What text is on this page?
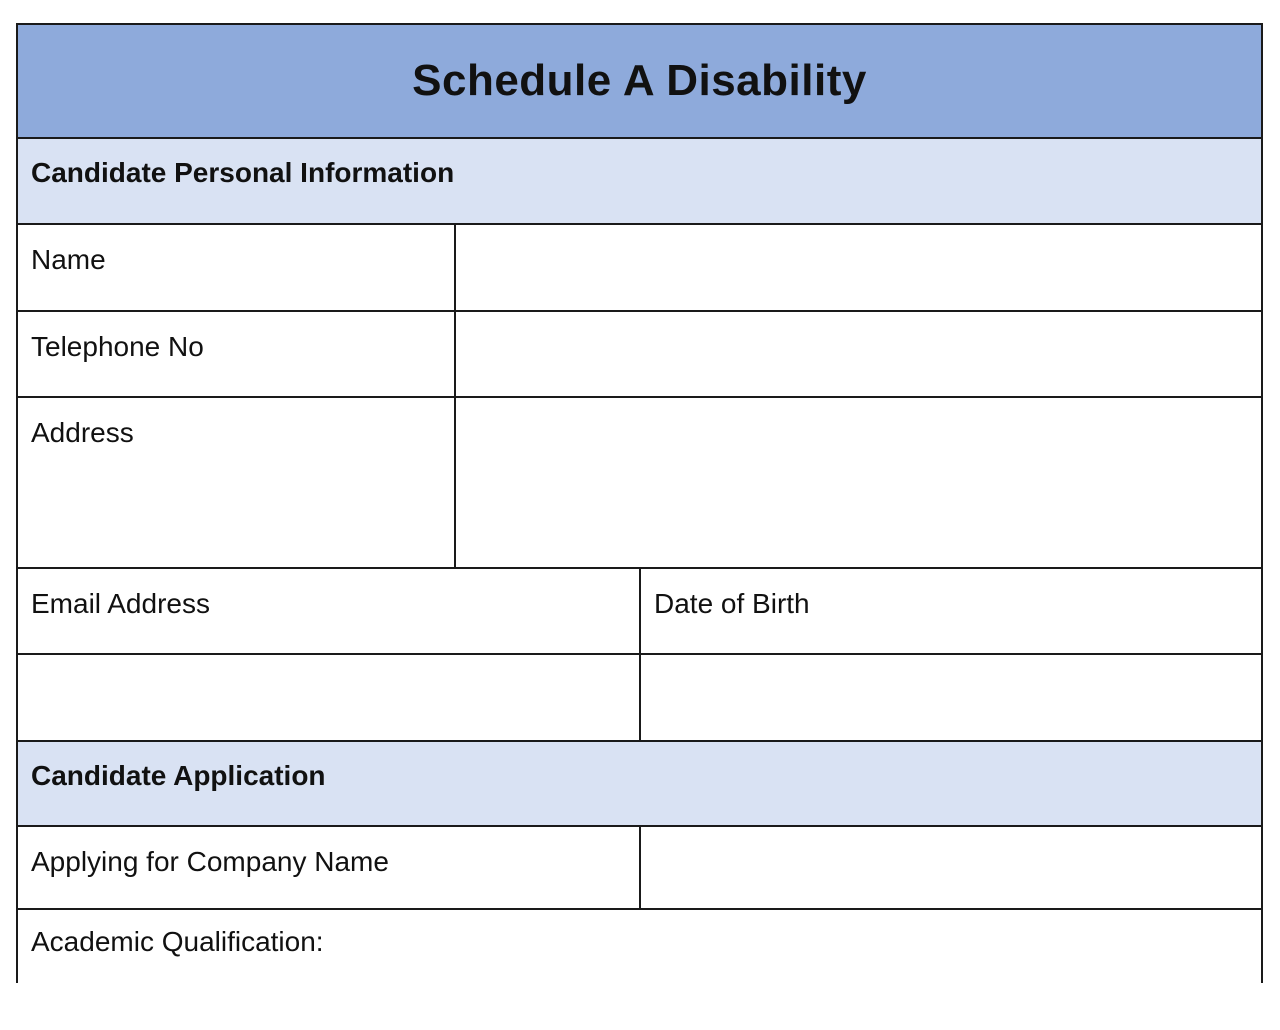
Schedule A Disability
Candidate Personal Information
Name
Telephone No
Address
Email Address	Date of Birth
Candidate Application
Applying for Company Name
Academic Qualification:
